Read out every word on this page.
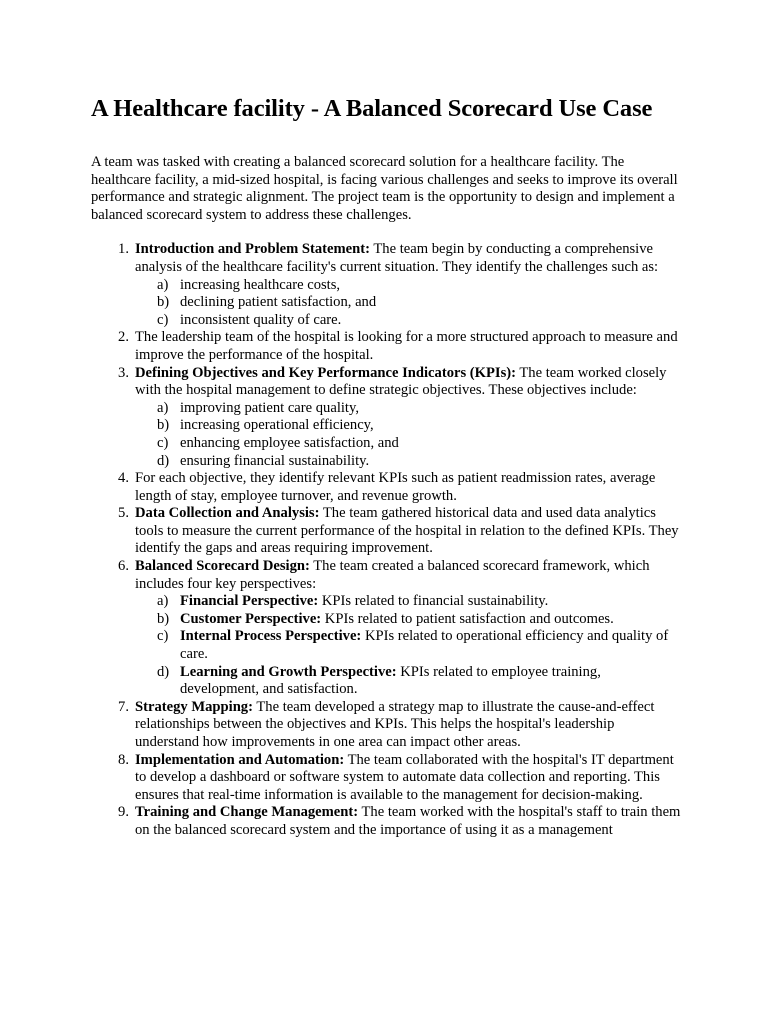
A Healthcare facility - A Balanced Scorecard Use Case

A team was tasked with creating a balanced scorecard solution for a healthcare facility. The healthcare facility, a mid-sized hospital, is facing various challenges and seeks to improve its overall performance and strategic alignment. The project team is the opportunity to design and implement a balanced scorecard system to address these challenges.

1. Introduction and Problem Statement: The team begin by conducting a comprehensive analysis of the healthcare facility's current situation. They identify the challenges such as:
a) increasing healthcare costs,
b) declining patient satisfaction, and
c) inconsistent quality of care.
2. The leadership team of the hospital is looking for a more structured approach to measure and improve the performance of the hospital.
3. Defining Objectives and Key Performance Indicators (KPIs): The team worked closely with the hospital management to define strategic objectives. These objectives include:
a) improving patient care quality,
b) increasing operational efficiency,
c) enhancing employee satisfaction, and
d) ensuring financial sustainability.
4. For each objective, they identify relevant KPIs such as patient readmission rates, average length of stay, employee turnover, and revenue growth.
5. Data Collection and Analysis: The team gathered historical data and used data analytics tools to measure the current performance of the hospital in relation to the defined KPIs. They identify the gaps and areas requiring improvement.
6. Balanced Scorecard Design: The team created a balanced scorecard framework, which includes four key perspectives:
a) Financial Perspective: KPIs related to financial sustainability.
b) Customer Perspective: KPIs related to patient satisfaction and outcomes.
c) Internal Process Perspective: KPIs related to operational efficiency and quality of care.
d) Learning and Growth Perspective: KPIs related to employee training, development, and satisfaction.
7. Strategy Mapping: The team developed a strategy map to illustrate the cause-and-effect relationships between the objectives and KPIs. This helps the hospital's leadership understand how improvements in one area can impact other areas.
8. Implementation and Automation: The team collaborated with the hospital's IT department to develop a dashboard or software system to automate data collection and reporting. This ensures that real-time information is available to the management for decision-making.
9. Training and Change Management: The team worked with the hospital's staff to train them on the balanced scorecard system and the importance of using it as a management
